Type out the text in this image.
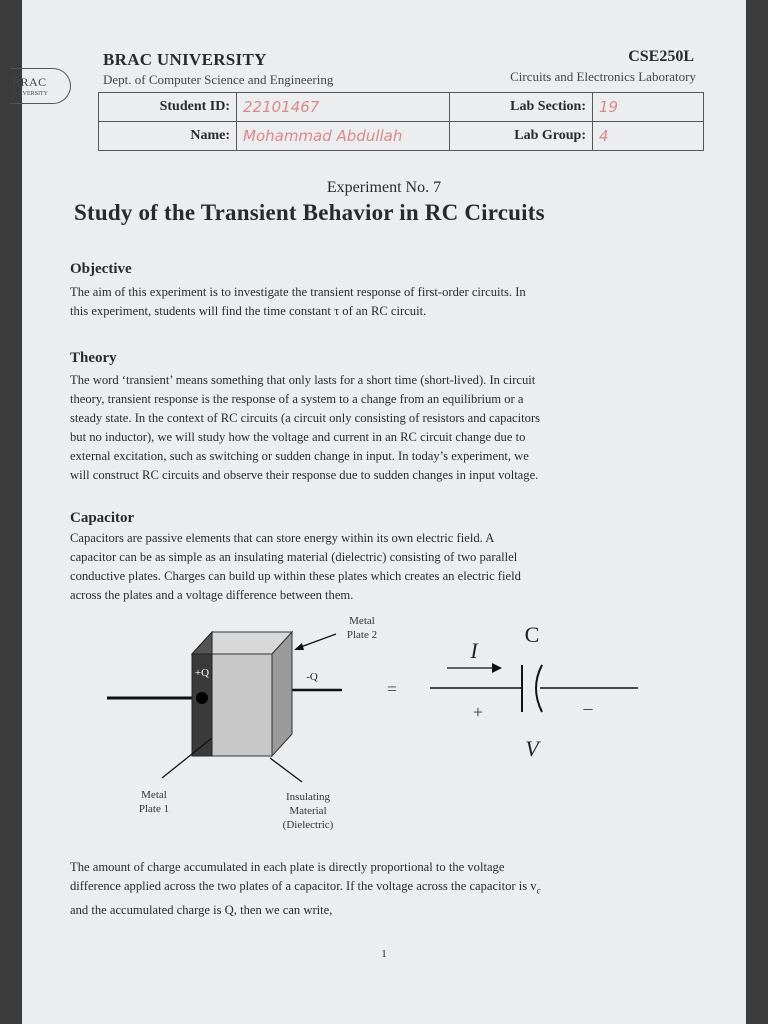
BRAC
UNIVERSITY
BRAC UNIVERSITY
Dept. of Computer Science and Engineering
CSE250L
Circuits and Electronics Laboratory
Student ID:	22101467	Lab Section:	19
Name:	Mohammad Abdullah	Lab Group:	4
Experiment No. 7
Study of the Transient Behavior in RC Circuits
Objective
The aim of this experiment is to investigate the transient response of first-order circuits. In
this experiment, students will find the time constant τ of an RC circuit.
Theory
The word ‘transient’ means something that only lasts for a short time (short-lived). In circuit
theory, transient response is the response of a system to a change from an equilibrium or a
steady state. In the context of RC circuits (a circuit only consisting of resistors and capacitors
but no inductor), we will study how the voltage and current in an RC circuit change due to
external excitation, such as switching or sudden change in input. In today’s experiment, we
will construct RC circuits and observe their response due to sudden changes in input voltage.
Capacitor
Capacitors are passive elements that can store energy within its own electric field. A
capacitor can be as simple as an insulating material (dielectric) consisting of two parallel
conductive plates. Charges can build up within these plates which creates an electric field
across the plates and a voltage difference between them.
+Q	-Q
Metal
Plate 2
Metal
Plate 1
Insulating
Material
(Dielectric)
=
I
C
+	–
V
The amount of charge accumulated in each plate is directly proportional to the voltage
difference applied across the two plates of a capacitor. If the voltage across the capacitor is $v_c$
and the accumulated charge is Q, then we can write,
1
